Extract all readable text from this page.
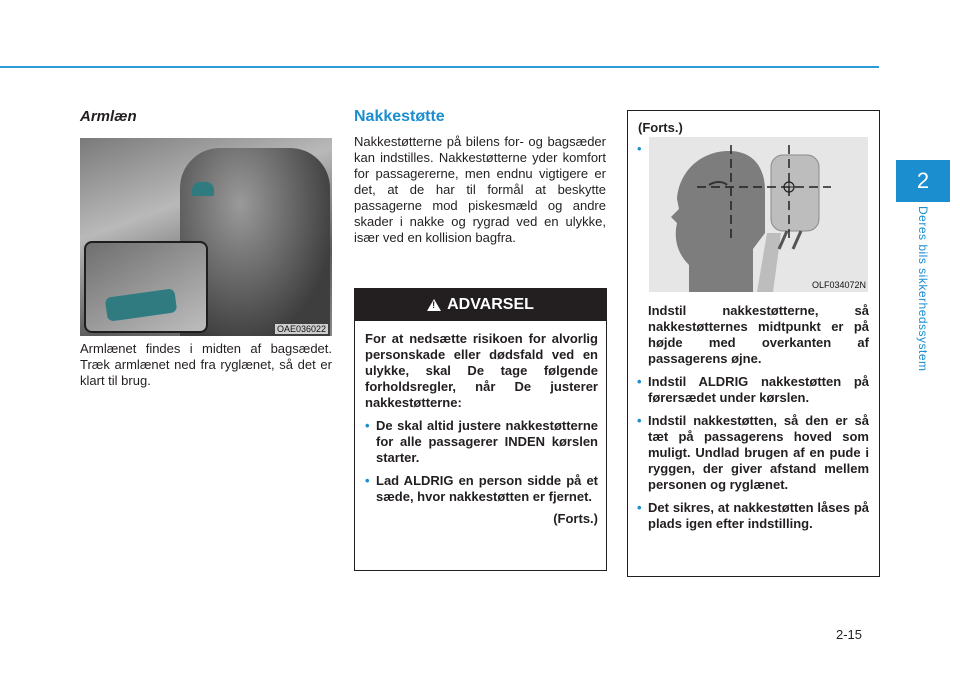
2
Deres bils sikkerhedssystem
2-15
Armlæn

Armlænet findes i midten af bagsædet. Træk armlænet ned fra ryglænet, så det er klart til brug.

OAE036022
Nakkestøtte

Nakkestøtterne på bilens for- og bagsæder kan indstilles. Nakkestøtterne yder komfort for passagererne, men endnu vigtigere er det, at de har til formål at beskytte passagerne mod piskesmæld og andre skader i nakke og rygrad ved en ulykke, især ved en kollision bagfra.

!
ADVARSEL
For at nedsætte risikoen for alvorlig personskade eller dødsfald ved en ulykke, skal De tage følgende forholdsregler, når De justerer nakkestøtterne:
• De skal altid justere nakkestøtterne for alle passagerer INDEN kørslen starter.
• Lad ALDRIG en person sidde på et sæde, hvor nakkestøtten er fjernet.
(Forts.)
(Forts.)
•
OLF034072N
Indstil nakkestøtterne, så nakkestøtternes midtpunkt er på højde med overkanten af passagerens øjne.
• Indstil ALDRIG nakkestøtten på førersædet under kørslen.
• Indstil nakkestøtten, så den er så tæt på passagerens hoved som muligt. Undlad brugen af en pude i ryggen, der giver afstand mellem personen og ryglænet.
• Det sikres, at nakkestøtten låses på plads igen efter indstilling.
